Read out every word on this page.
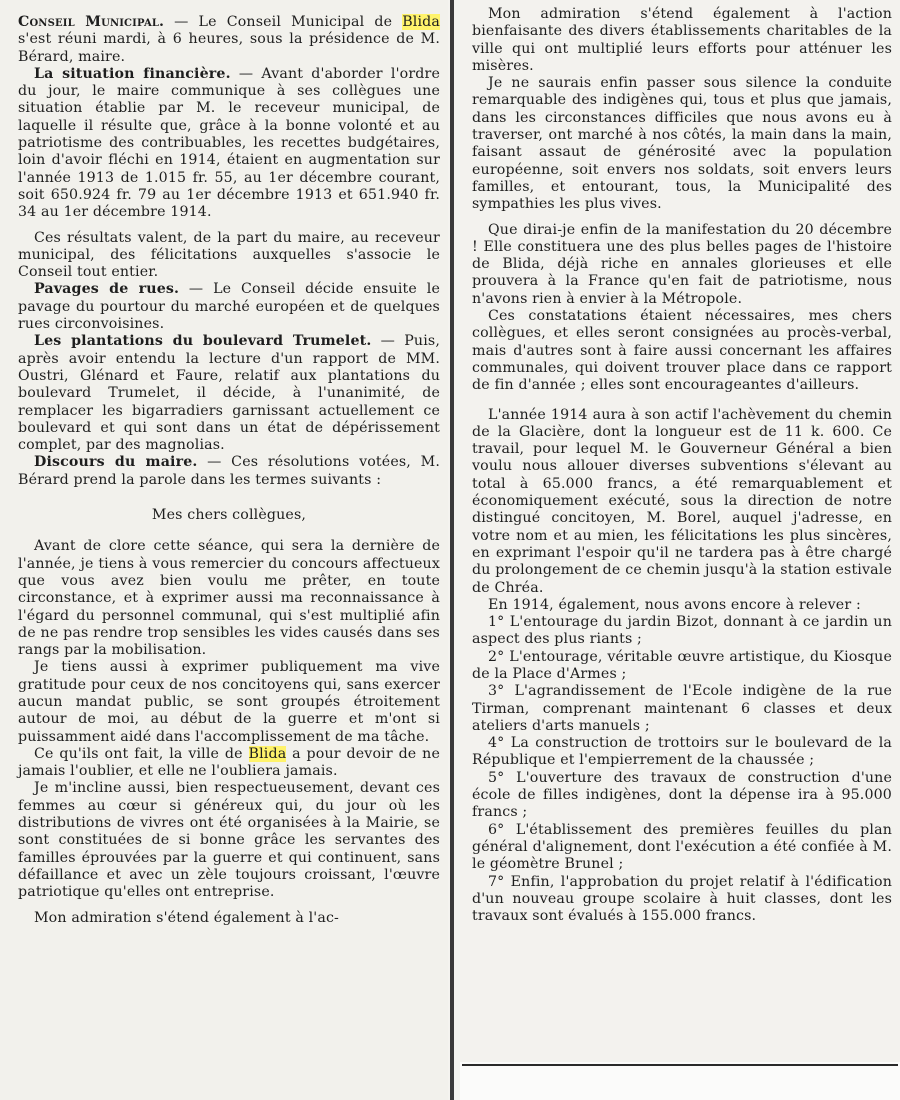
Conseil Municipal. — Le Conseil Municipal de Blida s'est réuni mardi, à 6 heures, sous la présidence de M. Bérard, maire.

La situation financière. — Avant d'aborder l'ordre du jour, le maire communique à ses collègues une situation établie par M. le receveur municipal, de laquelle il résulte que, grâce à la bonne volonté et au patriotisme des contribuables, les recettes budgétaires, loin d'avoir fléchi en 1914, étaient en augmentation sur l'année 1913 de 1.015 fr. 55, au 1er décembre courant, soit 650.924 fr. 79 au 1er décembre 1913 et 651.940 fr. 34 au 1er décembre 1914.

Ces résultats valent, de la part du maire, au receveur municipal, des félicitations auxquelles s'associe le Conseil tout entier.

Pavages de rues. — Le Conseil décide ensuite le pavage du pourtour du marché européen et de quelques rues circonvoisines.

Les plantations du boulevard Trumelet. — Puis, après avoir entendu la lecture d'un rapport de MM. Oustri, Glénard et Faure, relatif aux plantations du boulevard Trumelet, il décide, à l'unanimité, de remplacer les bigarradiers garnissant actuellement ce boulevard et qui sont dans un état de dépérissement complet, par des magnolias.

Discours du maire. — Ces résolutions votées, M. Bérard prend la parole dans les termes suivants :

Mes chers collègues,

Avant de clore cette séance, qui sera la dernière de l'année, je tiens à vous remercier du concours affectueux que vous avez bien voulu me prêter, en toute circonstance, et à exprimer aussi ma reconnaissance à l'égard du personnel communal, qui s'est multiplié afin de ne pas rendre trop sensibles les vides causés dans ses rangs par la mobilisation.

Je tiens aussi à exprimer publiquement ma vive gratitude pour ceux de nos concitoyens qui, sans exercer aucun mandat public, se sont groupés étroitement autour de moi, au début de la guerre et m'ont si puissamment aidé dans l'accomplissement de ma tâche.

Ce qu'ils ont fait, la ville de Blida a pour devoir de ne jamais l'oublier, et elle ne l'oubliera jamais.

Je m'incline aussi, bien respectueusement, devant ces femmes au cœur si généreux qui, du jour où les distributions de vivres ont été organisées à la Mairie, se sont constituées de si bonne grâce les servantes des familles éprouvées par la guerre et qui continuent, sans défaillance et avec un zèle toujours croissant, l'œuvre patriotique qu'elles ont entreprise.

Mon admiration s'étend également à l'ac-

Mon admiration s'étend également à l'action bienfaisante des divers établissements charitables de la ville qui ont multiplié leurs efforts pour atténuer les misères.

Je ne saurais enfin passer sous silence la conduite remarquable des indigènes qui, tous et plus que jamais, dans les circonstances difficiles que nous avons eu à traverser, ont marché à nos côtés, la main dans la main, faisant assaut de générosité avec la population européenne, soit envers nos soldats, soit envers leurs familles, et entourant, tous, la Municipalité des sympathies les plus vives.

Que dirai-je enfin de la manifestation du 20 décembre ! Elle constituera une des plus belles pages de l'histoire de Blida, déjà riche en annales glorieuses et elle prouvera à la France qu'en fait de patriotisme, nous n'avons rien à envier à la Métropole.

Ces constatations étaient nécessaires, mes chers collègues, et elles seront consignées au procès-verbal, mais d'autres sont à faire aussi concernant les affaires communales, qui doivent trouver place dans ce rapport de fin d'année ; elles sont encourageantes d'ailleurs.

L'année 1914 aura à son actif l'achèvement du chemin de la Glacière, dont la longueur est de 11 k. 600. Ce travail, pour lequel M. le Gouverneur Général a bien voulu nous allouer diverses subventions s'élevant au total à 65.000 francs, a été remarquablement et économiquement exécuté, sous la direction de notre distingué concitoyen, M. Borel, auquel j'adresse, en votre nom et au mien, les félicitations les plus sincères, en exprimant l'espoir qu'il ne tardera pas à être chargé du prolongement de ce chemin jusqu'à la station estivale de Chréa.

En 1914, également, nous avons encore à relever :

1° L'entourage du jardin Bizot, donnant à ce jardin un aspect des plus riants ;

2° L'entourage, véritable œuvre artistique, du Kiosque de la Place d'Armes ;

3° L'agrandissement de l'Ecole indigène de la rue Tirman, comprenant maintenant 6 classes et deux ateliers d'arts manuels ;

4° La construction de trottoirs sur le boulevard de la République et l'empierrement de la chaussée ;

5° L'ouverture des travaux de construction d'une école de filles indigènes, dont la dépense ira à 95.000 francs ;

6° L'établissement des premières feuilles du plan général d'alignement, dont l'exécution a été confiée à M. le géomètre Brunel ;

7° Enfin, l'approbation du projet relatif à l'édification d'un nouveau groupe scolaire à huit classes, dont les travaux sont évalués à 155.000 francs.
